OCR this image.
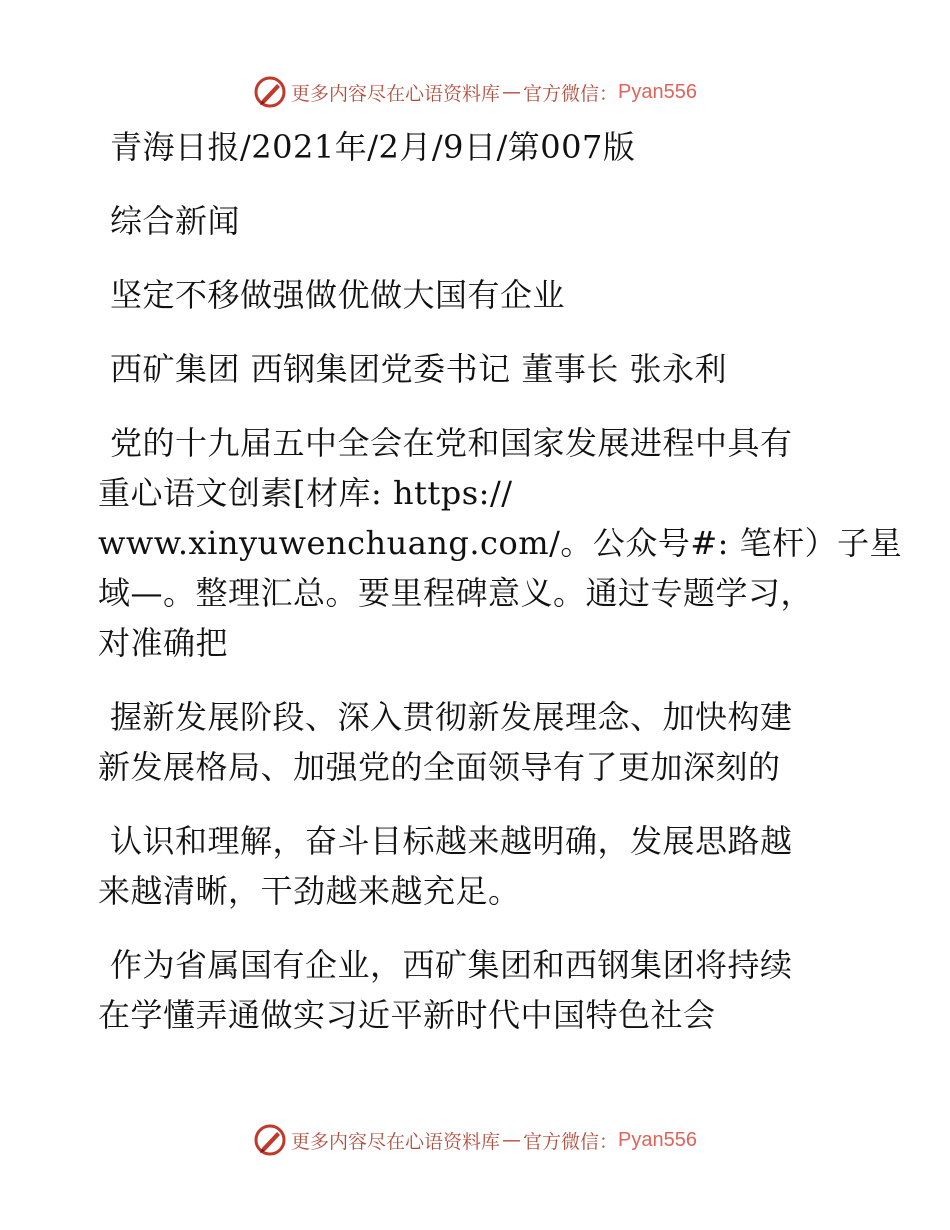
更多内容尽在心语资料库 — 官方微信： Pyan556
青海日报/2021年/2月/9日/第007版
综合新闻
坚定不移做强做优做大国有企业
西矿集团 西钢集团党委书记 董事长 张永利
党的十九届五中全会在党和国家发展进程中具有
重心语文创素[材库: https://
www.xinyuwenchuang.com/。公众号#: 笔杆）子星
域—。整理汇总。要里程碑意义。通过专题学习，
对准确把
握新发展阶段、深入贯彻新发展理念、加快构建
新发展格局、加强党的全面领导有了更加深刻的
认识和理解，奋斗目标越来越明确，发展思路越
来越清晰，干劲越来越充足。
作为省属国有企业，西矿集团和西钢集团将持续
在学懂弄通做实习近平新时代中国特色社会
更多内容尽在心语资料库 — 官方微信： Pyan556
